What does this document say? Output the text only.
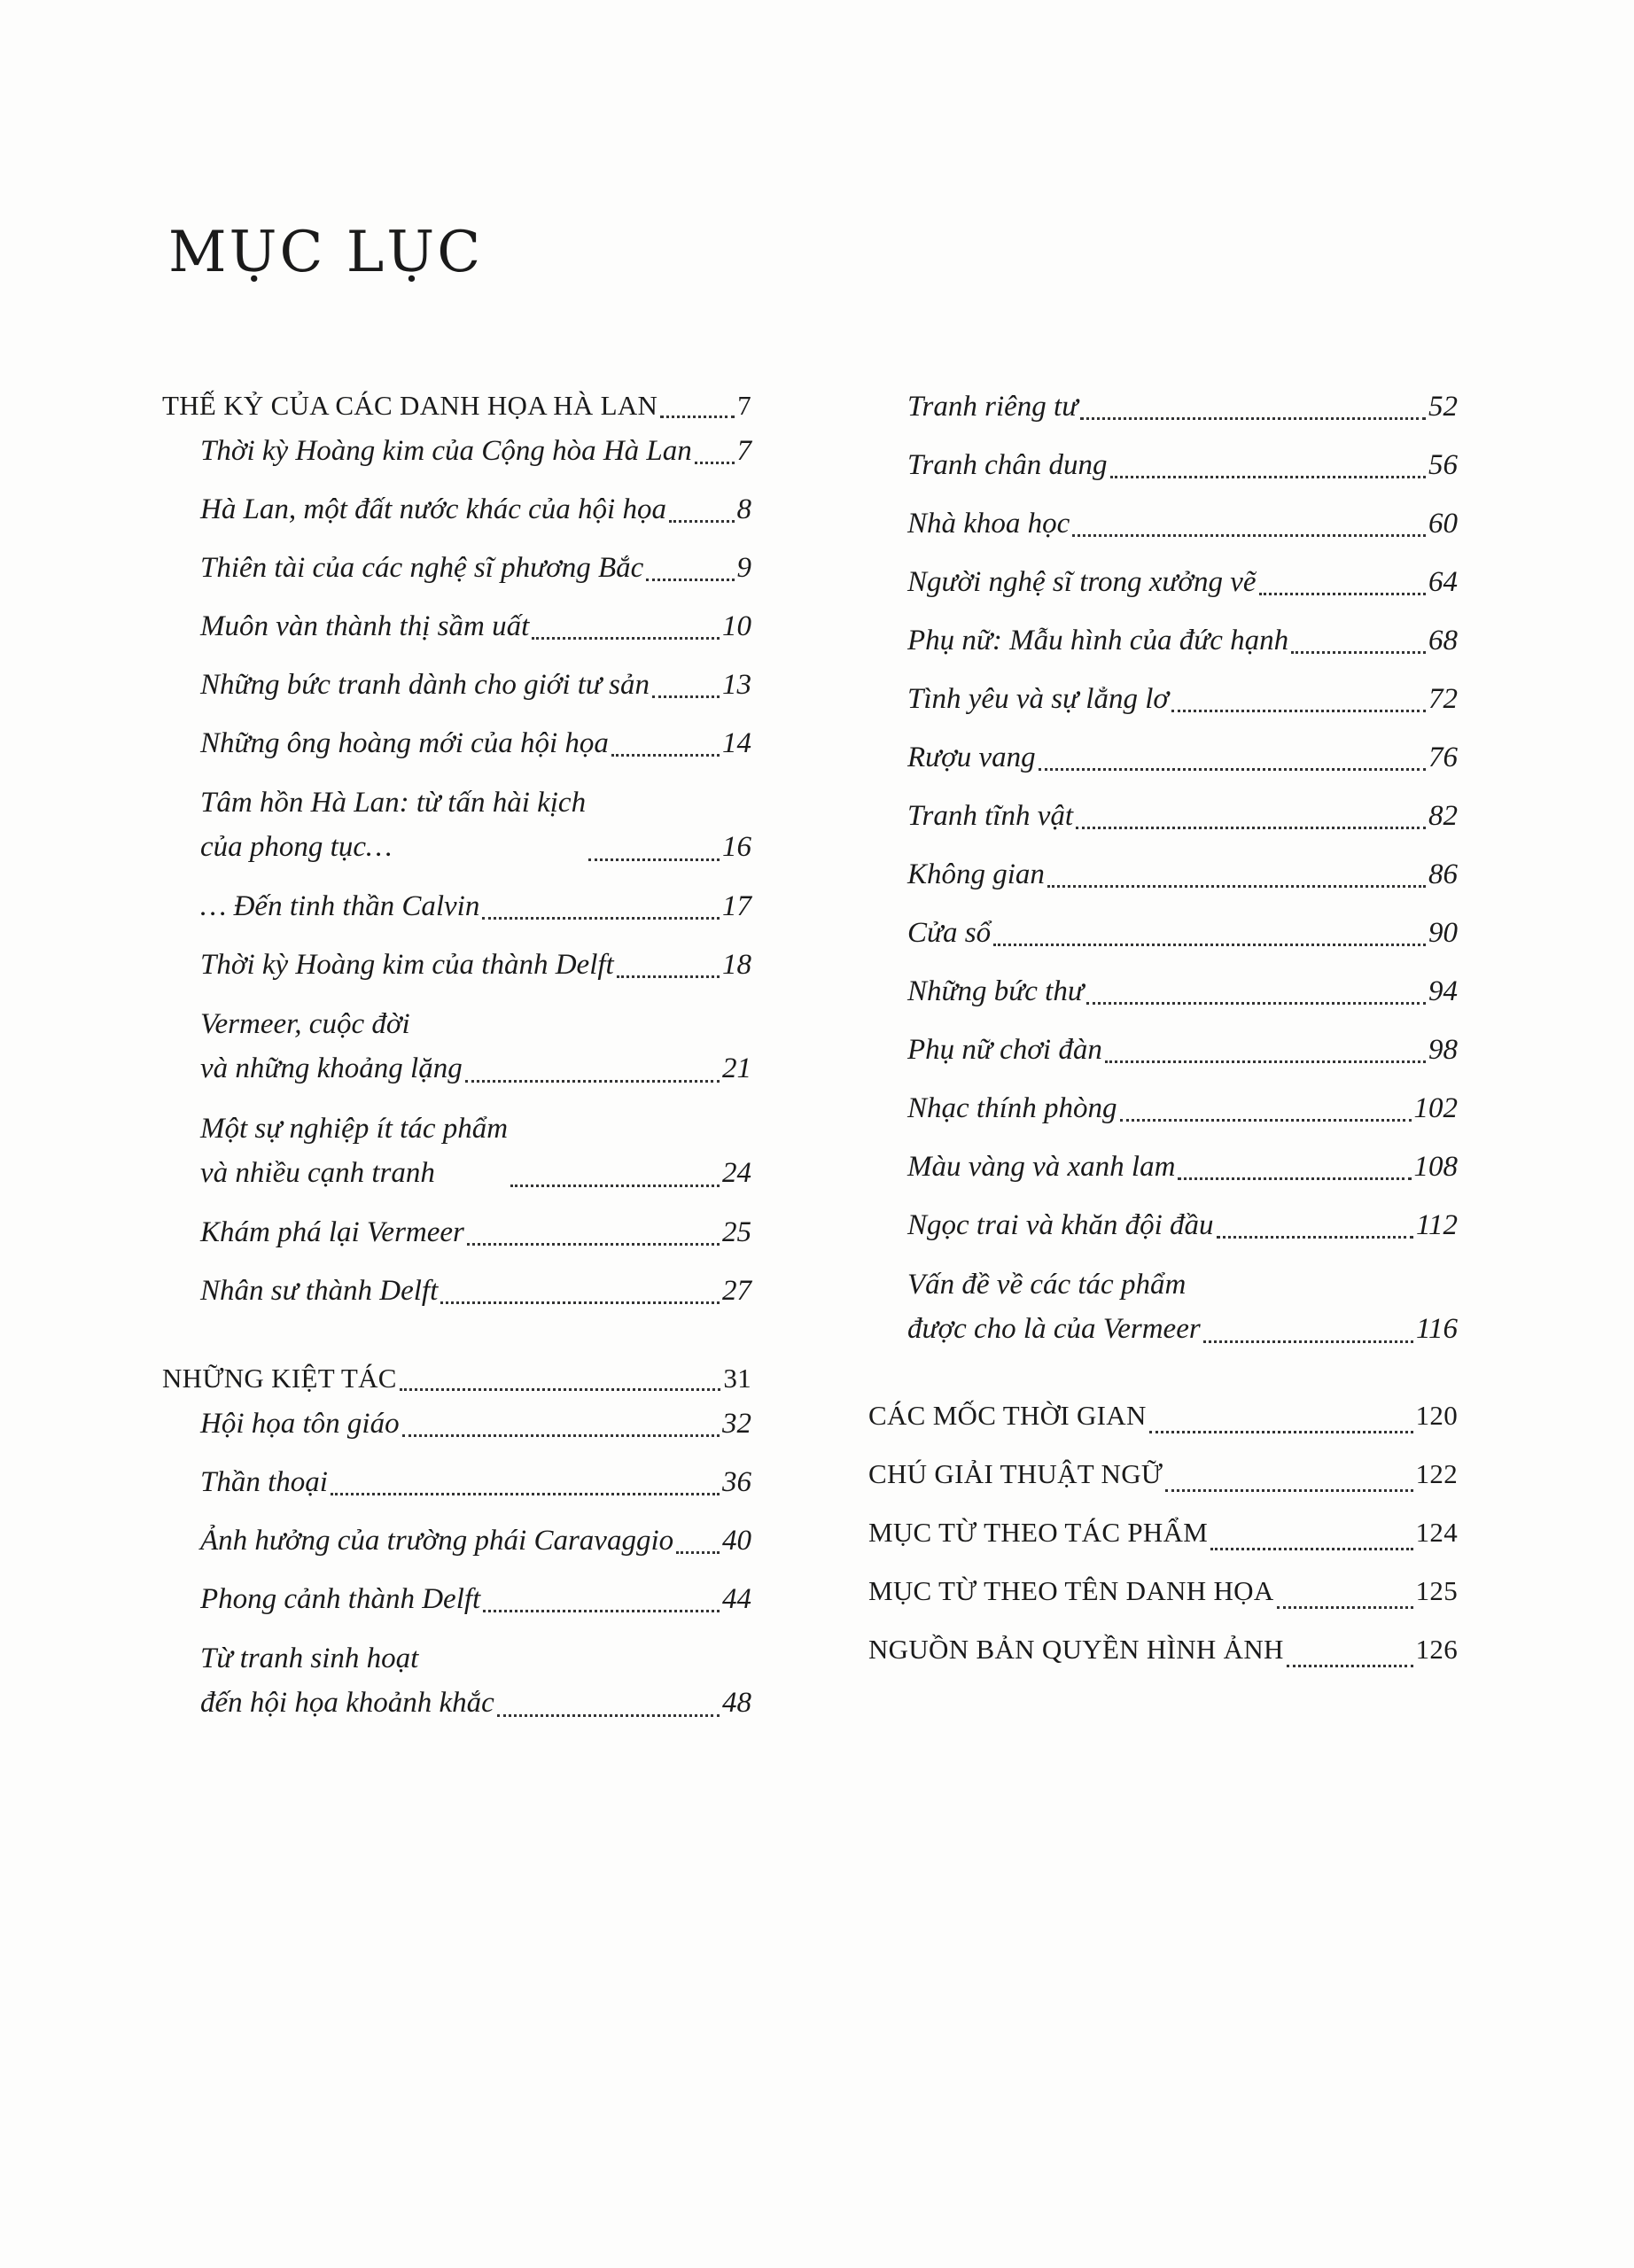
MỤC LỤC
THẾ KỶ CỦA CÁC DANH HỌA HÀ LAN	7
Thời kỳ Hoàng kim của Cộng hòa Hà Lan 7
Hà Lan, một đất nước khác của hội họa 8
Thiên tài của các nghệ sĩ phương Bắc	9
Muôn vàn thành thị sầm uất	10
Những bức tranh dành cho giới tư sản 13
Những ông hoàng mới của hội họa	14
Tâm hồn Hà Lan: từ tấn hài kịch
của phong tục…	16
… Đến tinh thần Calvin	17
Thời kỳ Hoàng kim của thành Delft	18
Vermeer, cuộc đời
và những khoảng lặng	21
Một sự nghiệp ít tác phẩm
và nhiều cạnh tranh	24
Khám phá lại Vermeer	25
Nhân sư thành Delft	27
NHỮNG KIỆT TÁC	31
Hội họa tôn giáo	32
Thần thoại	36
Ảnh hưởng của trường phái Caravaggio 40
Phong cảnh thành Delft	44
Từ tranh sinh hoạt
đến hội họa khoảnh khắc	48
Tranh riêng tư	52
Tranh chân dung	56
Nhà khoa học	60
Người nghệ sĩ trong xưởng vẽ	64
Phụ nữ: Mẫu hình của đức hạnh	68
Tình yêu và sự lẳng lơ	72
Rượu vang	76
Tranh tĩnh vật	82
Không gian	86
Cửa sổ	90
Những bức thư	94
Phụ nữ chơi đàn	98
Nhạc thính phòng	102
Màu vàng và xanh lam	108
Ngọc trai và khăn đội đầu	112
Vấn đề về các tác phẩm
được cho là của Vermeer	116
CÁC MỐC THỜI GIAN	120
CHÚ GIẢI THUẬT NGỮ	122
MỤC TỪ THEO TÁC PHẨM	124
MỤC TỪ THEO TÊN DANH HỌA	125
NGUỒN BẢN QUYỀN HÌNH ẢNH	126
